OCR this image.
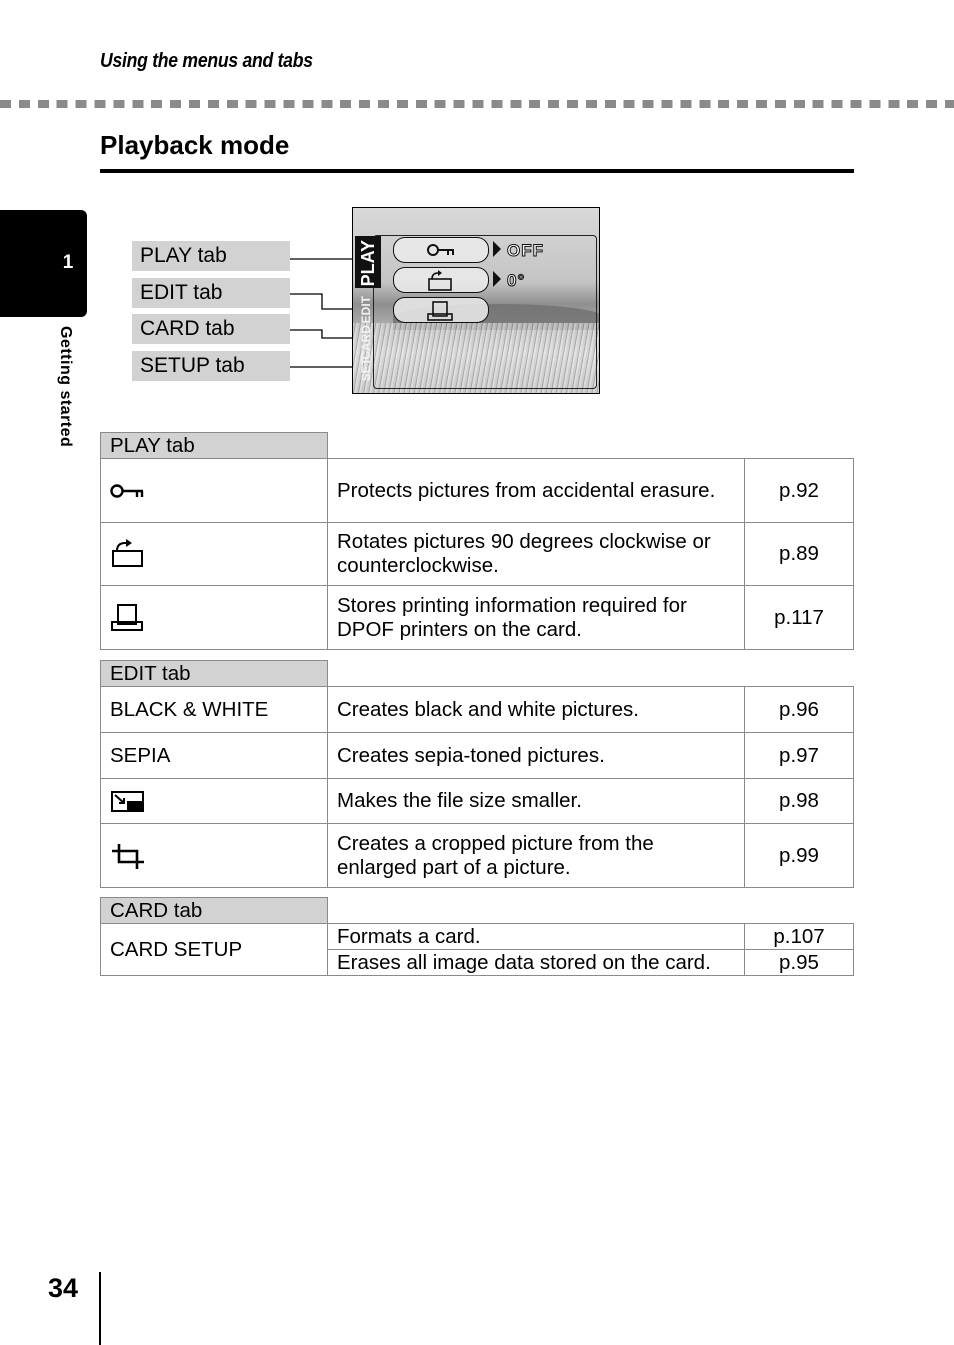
Using the menus and tabs
Playback mode
1
Getting started
PLAY tab
EDIT tab
CARD tab
SETUP tab
PLAY
EDIT
CARD
SET
OFF
0°
PLAY tab		

	Protects pictures from accidental erasure.	p.92

	Rotates pictures 90 degrees clockwise or counterclockwise.	p.89

	Stores printing information required for DPOF printers on the card.	p.117
EDIT tab		
BLACK & WHITE	Creates black and white pictures.	p.96
SEPIA	Creates sepia-toned pictures.	p.97

	Makes the file size smaller.	p.98

	Creates a cropped picture from the enlarged part of a picture.	p.99
CARD tab		
CARD SETUP	Formats a card.	p.107
	Erases all image data stored on the card.	p.95
34
